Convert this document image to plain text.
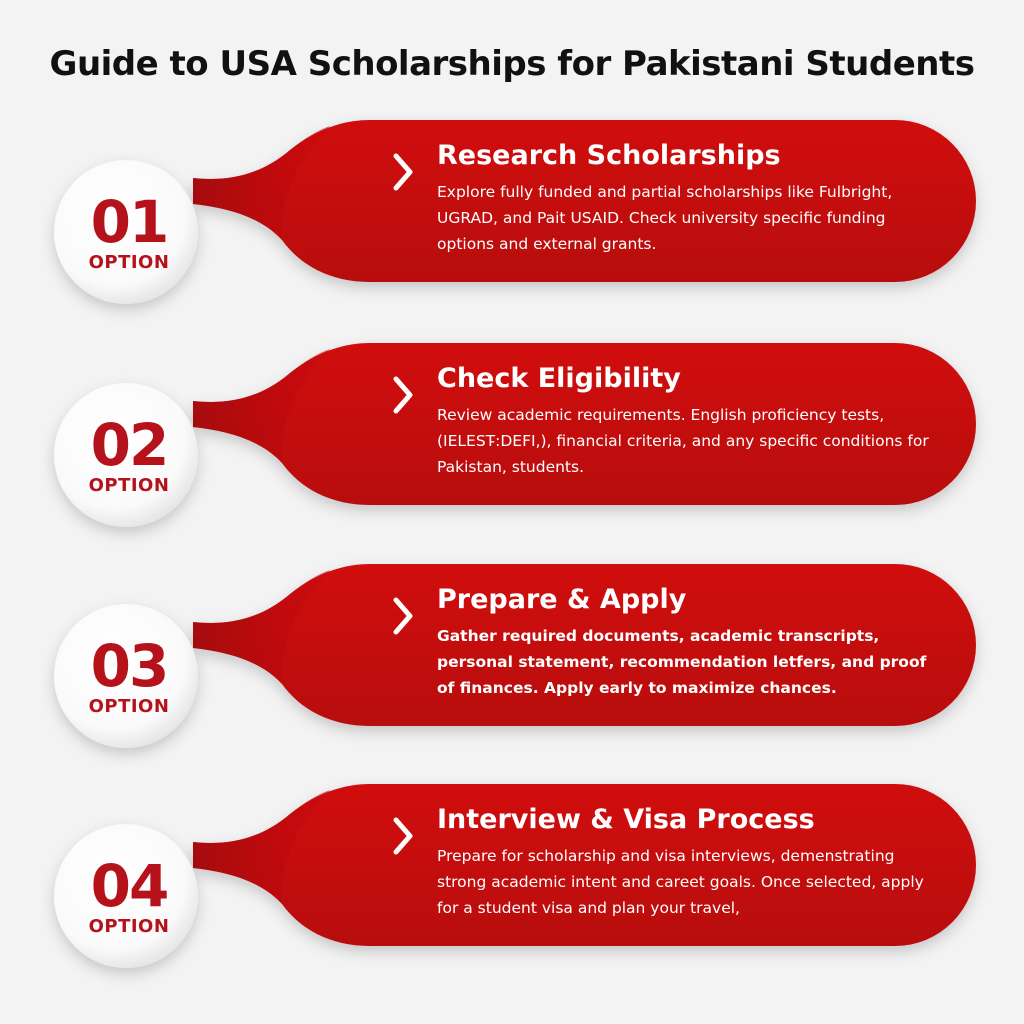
Guide to USA Scholarships for Pakistani Students
01
OPTION
Research Scholarships

Explore fully funded and partial scholarships like Fulbright, UGRAD, and Pait USAID. Check university specific funding options and external grants.

02
OPTION
Check Eligibility

Review academic requirements. English proficiency tests, (IELEST̵:DEFI,), financial criteria, and any specific conditions for Pakistan, students.

03
OPTION
Prepare & Apply

Gather required documents, academic transcripts, personal statement, recommendation letfers, and proof of finances. Apply early to maximize chances.

04
OPTION
Interview & Visa Process

Prepare for scholarship and visa interviews, demenstrating strong academic intent and careet goals. Once selected, apply for a student visa and plan your travel,
